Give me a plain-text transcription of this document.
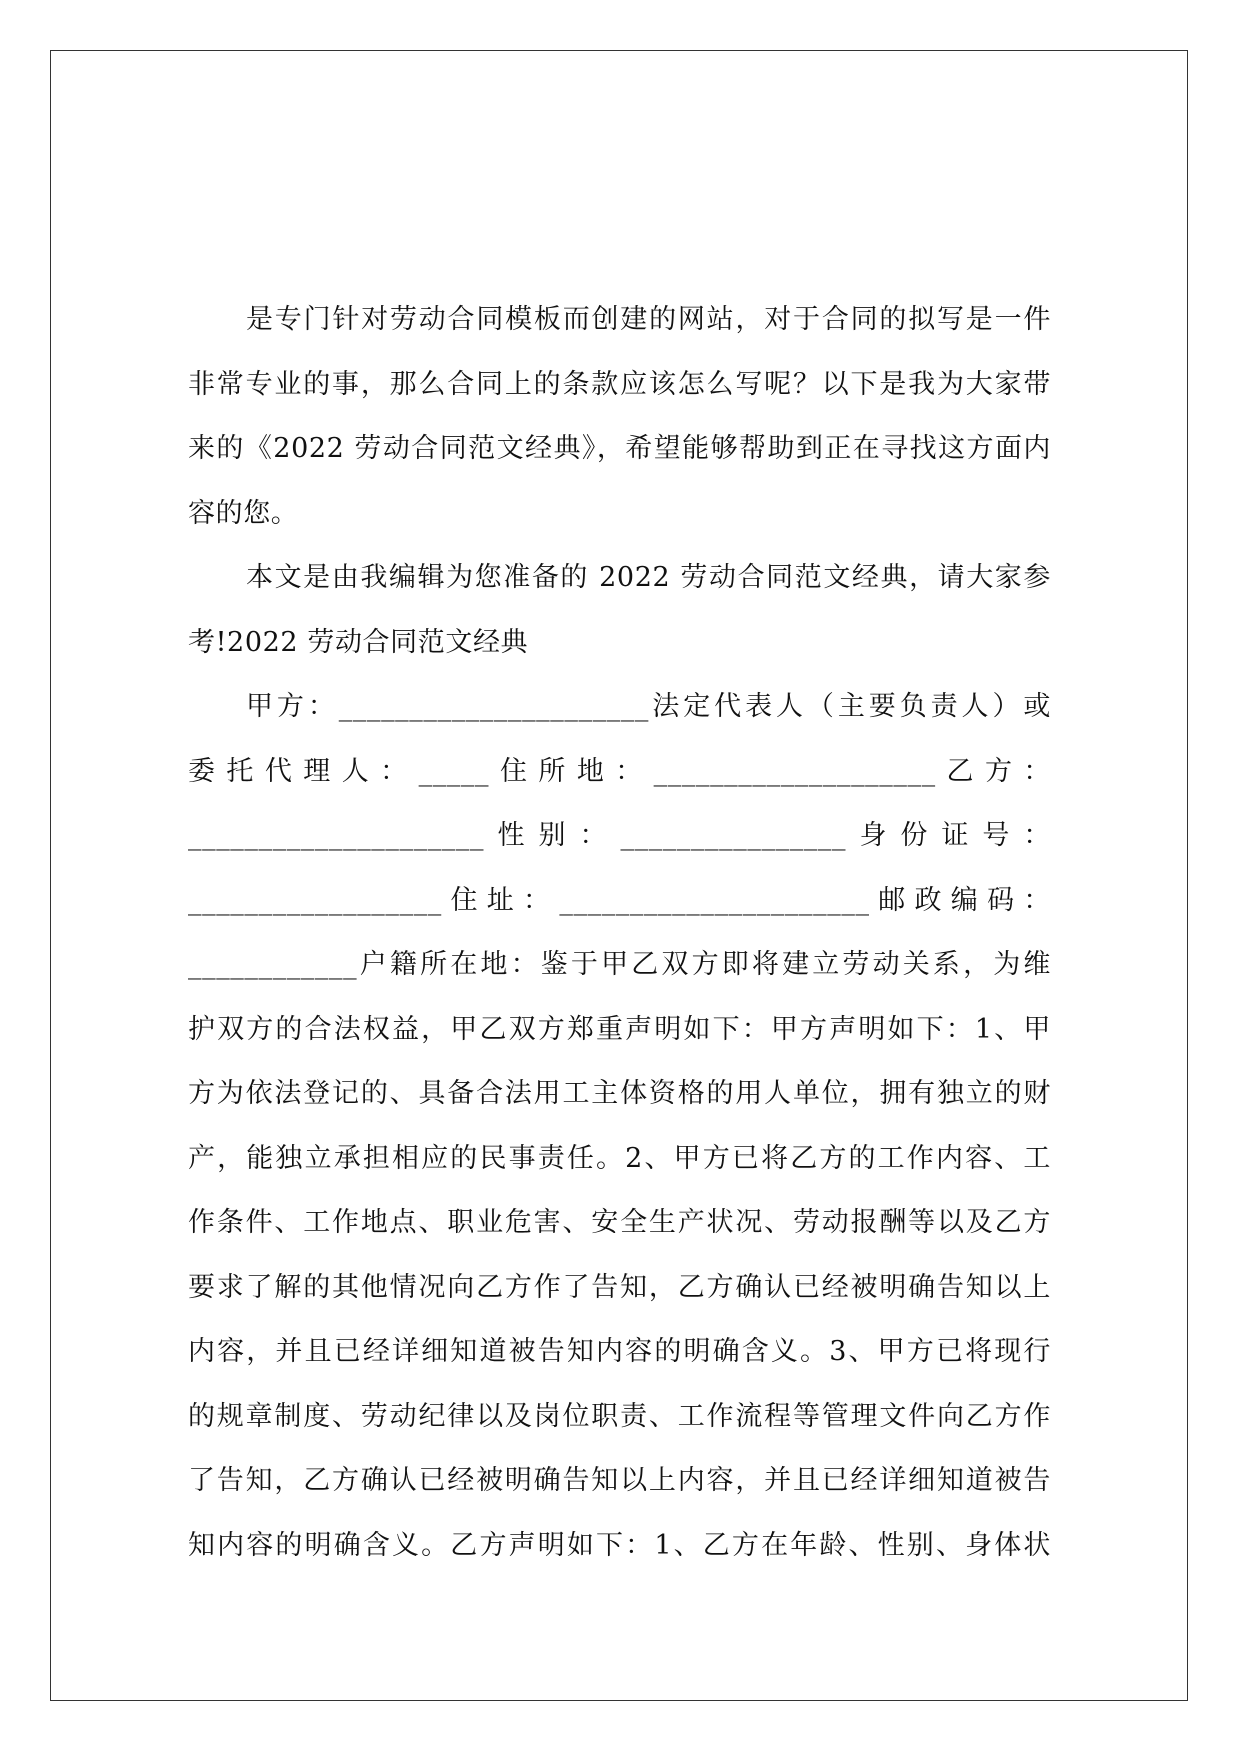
是专门针对劳动合同模板而创建的网站，对于合同的拟写是一件
非常专业的事，那么合同上的条款应该怎么写呢？以下是我为大家带
来的《2022 劳动合同范文经典》，希望能够帮助到正在寻找这方面内
容的您。
本文是由我编辑为您准备的 2022 劳动合同范文经典，请大家参
考!2022 劳动合同范文经典
甲方：______________________法定代表人（主要负责人）或
委托代理人：_____住所地：____________________乙方：
_____________________性别：________________身份证号：
__________________住址：______________________邮政编码：
____________户籍所在地：鉴于甲乙双方即将建立劳动关系，为维
护双方的合法权益，甲乙双方郑重声明如下：甲方声明如下：1、甲
方为依法登记的、具备合法用工主体资格的用人单位，拥有独立的财
产，能独立承担相应的民事责任。2、甲方已将乙方的工作内容、工
作条件、工作地点、职业危害、安全生产状况、劳动报酬等以及乙方
要求了解的其他情况向乙方作了告知，乙方确认已经被明确告知以上
内容，并且已经详细知道被告知内容的明确含义。3、甲方已将现行
的规章制度、劳动纪律以及岗位职责、工作流程等管理文件向乙方作
了告知，乙方确认已经被明确告知以上内容，并且已经详细知道被告
知内容的明确含义。乙方声明如下：1、乙方在年龄、性别、身体状
